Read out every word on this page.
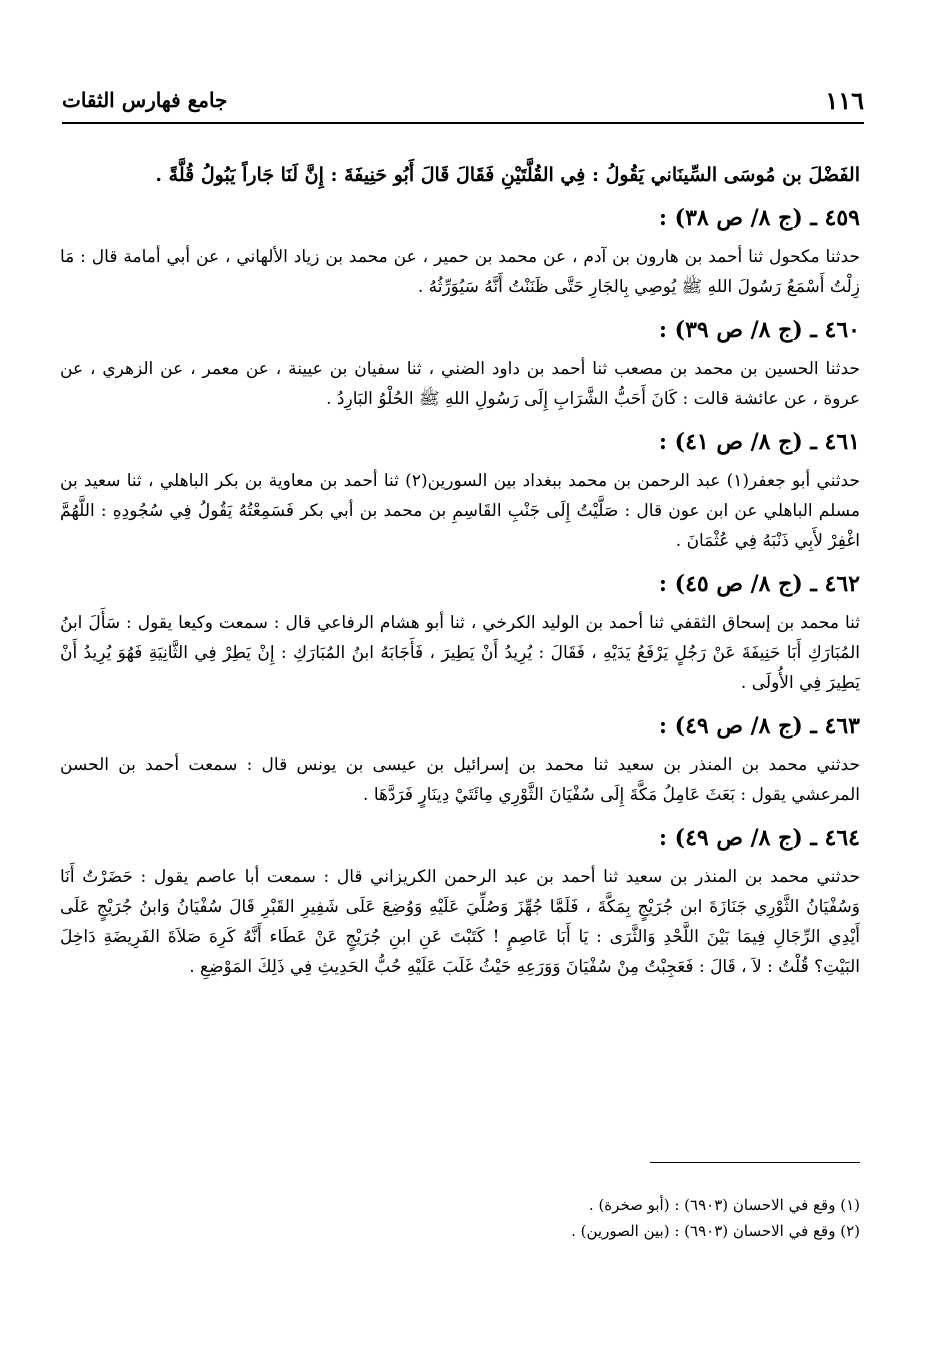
١١٦
جامع فهارس الثقات

الفَضْلَ بن مُوسَى السِّينَاني يَقُولُ : فِي القُلَّتَيْنِ فَقَالَ قَالَ أَبُو حَنِيفَةَ : إِنَّ لَنَا جَاراً يَبُولُ قُلَّةً .

٤٥٩ ـ (ج ٨/ ص ٣٨) :

حدثنا مكحول ثنا أحمد بن هارون بن آدم ، عن محمد بن حمير ، عن محمد بن زياد الألهاني ، عن أبي أمامة قال : مَا زِلْتُ أَسْمَعُ رَسُولَ اللهِ ﷺ يُوصِي بِالجَارِ حَتَّى ظَنَنْتُ أَنَّهُ سَيُوَرِّثُهُ .

٤٦٠ ـ (ج ٨/ ص ٣٩) :

حدثنا الحسين بن محمد بن مصعب ثنا أحمد بن داود الضني ، ثنا سفيان بن عيينة ، عن معمر ، عن الزهري ، عن عروة ، عن عائشة قالت : كَانَ أَحَبُّ الشَّرَابِ إِلَى رَسُولِ اللهِ ﷺ الحُلْوُ البَارِدُ .

٤٦١ ـ (ج ٨/ ص ٤١) :

حدثني أبو جعفر(١) عبد الرحمن بن محمد ببغداد بين السورين(٢) ثنا أحمد بن معاوية بن بكر الباهلي ، ثنا سعيد بن مسلم الباهلي عن ابن عون قال : صَلَّيْتُ إِلَى جَنْبِ القَاسِمِ بن محمد بن أبي بكر فَسَمِعْتُهُ يَقُولُ فِي سُجُودِهِ : اللَّهُمَّ اغْفِرْ لأَبِي ذَنْبَهُ فِي عُثْمَانَ .

٤٦٢ ـ (ج ٨/ ص ٤٥) :

ثنا محمد بن إسحاق الثقفي ثنا أحمد بن الوليد الكرخي ، ثنا أبو هشام الرفاعي قال : سمعت وكيعا يقول : سَأَلَ ابنُ المُبَارَكِ أَبَا حَنِيفَةَ عَنْ رَجُلٍ يَرْفَعُ يَدَيْهِ ، فَقَالَ : يُرِيدُ أَنْ يَطِيرَ ، فَأَجَابَهُ ابنُ المُبَارَكِ : إِنْ يَطِرْ فِي الثَّانِيَةِ فَهُوَ يُرِيدُ أَنْ يَطِيرَ فِي الأُولَى .

٤٦٣ ـ (ج ٨/ ص ٤٩) :

حدثني محمد بن المنذر بن سعيد ثنا محمد بن إسرائيل بن عيسى بن يونس قال : سمعت أحمد بن الحسن المرعشي يقول : بَعَثَ عَامِلُ مَكَّةَ إِلَى سُفْيَانَ الثَّوْرِي مِائَتَيْ دِينَارٍ فَرَدَّهَا .

٤٦٤ ـ (ج ٨/ ص ٤٩) :

حدثني محمد بن المنذر بن سعيد ثنا أحمد بن عبد الرحمن الكريزاني قال : سمعت أبا عاصم يقول : حَضَرْتُ أَنَا وَسُفْيَانُ الثَّوْرِي جَنَازَةَ ابن جُرَيْجٍ بِمَكَّةَ ، فَلَمَّا جُهِّزَ وَصُلِّيَ عَلَيْهِ وَوُضِعَ عَلَى شَفِيرِ القَبْرِ قَالَ سُفْيَانُ وَابنُ جُرَيْجٍ عَلَى أَيْدِي الرِّجَالِ فِيمَا بَيْنَ اللَّحْدِ وَالثَّرَى : يَا أَبَا عَاصِمٍ ! كَتَبْتَ عَنِ ابنِ جُرَيْجٍ عَنْ عَطَاء أَنَّهُ كَرِهَ صَلاَةَ الفَرِيضَةِ دَاخِلَ البَيْتِ؟ قُلْتُ : لاَ ، قَالَ : فَعَجِبْتُ مِنْ سُفْيَانَ وَوَرَعِهِ حَيْثُ غَلَبَ عَلَيْهِ حُبُّ الحَدِيثِ فِي ذَلِكَ المَوْضِعِ .

(١) وقع في الاحسان (٦٩٠٣) : (أبو صخرة) .

(٢) وقع في الاحسان (٦٩٠٣) : (بين الصورين) .
